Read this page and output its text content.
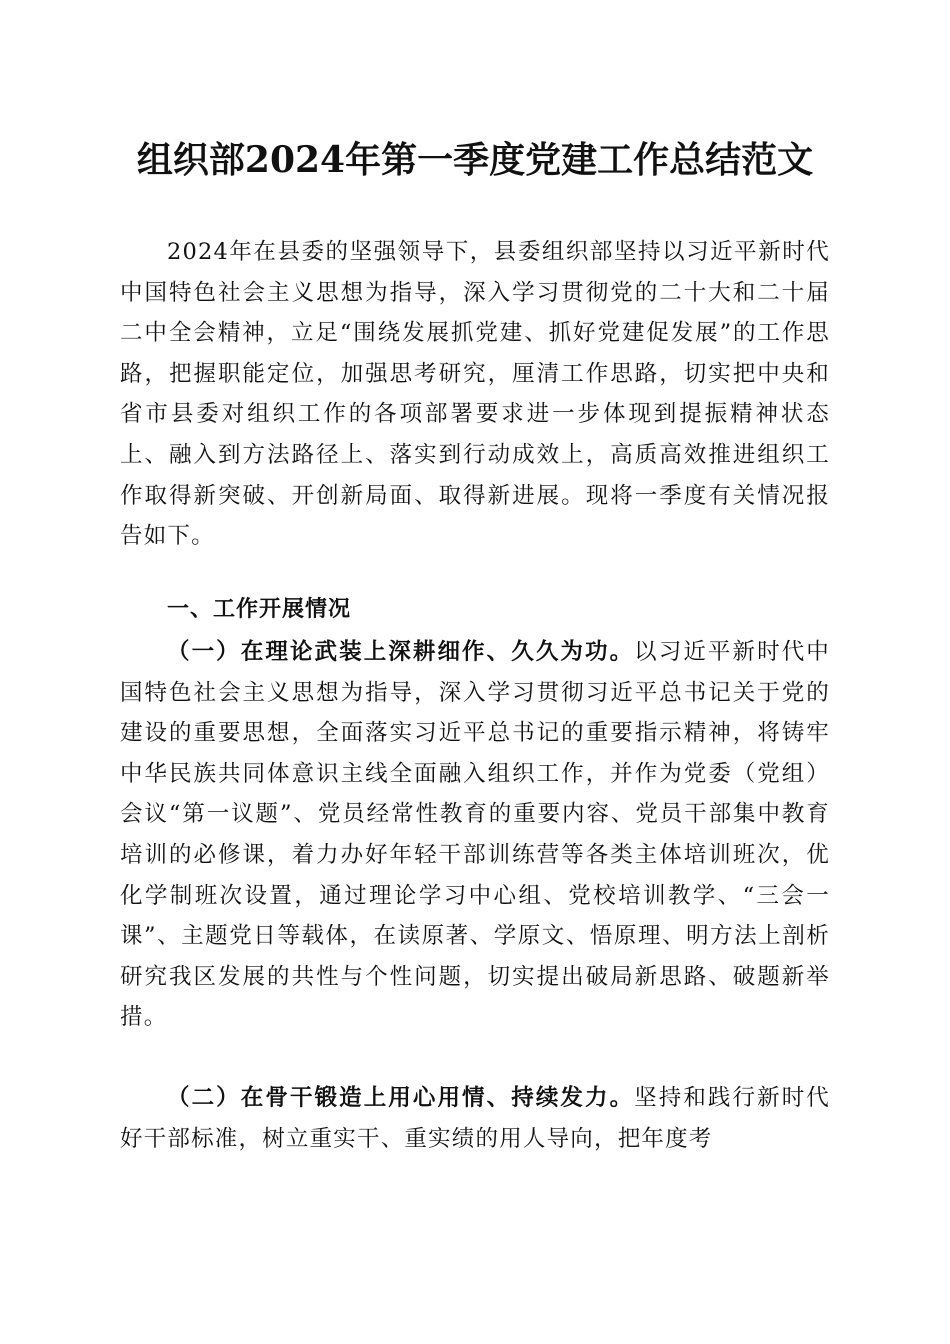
组织部2024年第一季度党建工作总结范文

2024年在县委的坚强领导下，县委组织部坚持以习近平新时代中国特色社会主义思想为指导，深入学习贯彻党的二十大和二十届二中全会精神，立足“围绕发展抓党建、抓好党建促发展”的工作思路，把握职能定位，加强思考研究，厘清工作思路，切实把中央和省市县委对组织工作的各项部署要求进一步体现到提振精神状态上、融入到方法路径上、落实到行动成效上，高质高效推进组织工作取得新突破、开创新局面、取得新进展。现将一季度有关情况报告如下。

一、工作开展情况

（一）在理论武装上深耕细作、久久为功。以习近平新时代中国特色社会主义思想为指导，深入学习贯彻习近平总书记关于党的建设的重要思想，全面落实习近平总书记的重要指示精神，将铸牢中华民族共同体意识主线全面融入组织工作，并作为党委（党组）会议“第一议题”、党员经常性教育的重要内容、党员干部集中教育培训的必修课，着力办好年轻干部训练营等各类主体培训班次，优化学制班次设置，通过理论学习中心组、党校培训教学、“三会一课”、主题党日等载体，在读原著、学原文、悟原理、明方法上剖析研究我区发展的共性与个性问题，切实提出破局新思路、破题新举措。

（二）在骨干锻造上用心用情、持续发力。坚持和践行新时代好干部标准，树立重实干、重实绩的用人导向，把年度考
